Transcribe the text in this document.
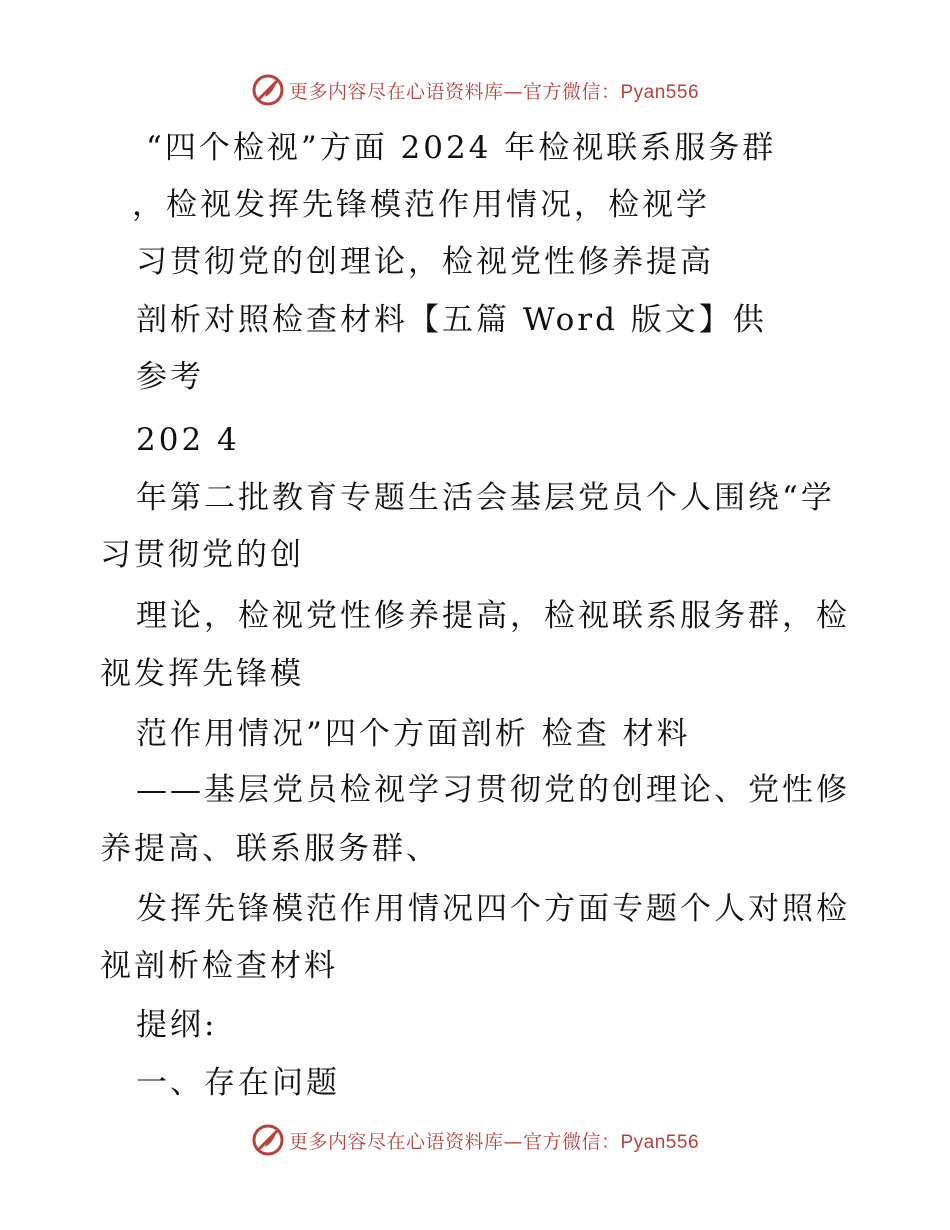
更多内容尽在心语资料库—官方微信：Pyan556
“四个检视”方面 2024 年检视联系服务群
，检视发挥先锋模范作用情况，检视学
习贯彻党的创理论，检视党性修养提高
剖析对照检查材料【五篇 Word 版文】供
参考
202 4
年第二批教育专题生活会基层党员个人围绕“学
习贯彻党的创
理论，检视党性修养提高，检视联系服务群，检
视发挥先锋模
范作用情况”四个方面剖析 检查 材料
——基层党员检视学习贯彻党的创理论、党性修
养提高、联系服务群、
发挥先锋模范作用情况四个方面专题个人对照检
视剖析检查材料
提纲:
一、存在问题
更多内容尽在心语资料库—官方微信：Pyan556
